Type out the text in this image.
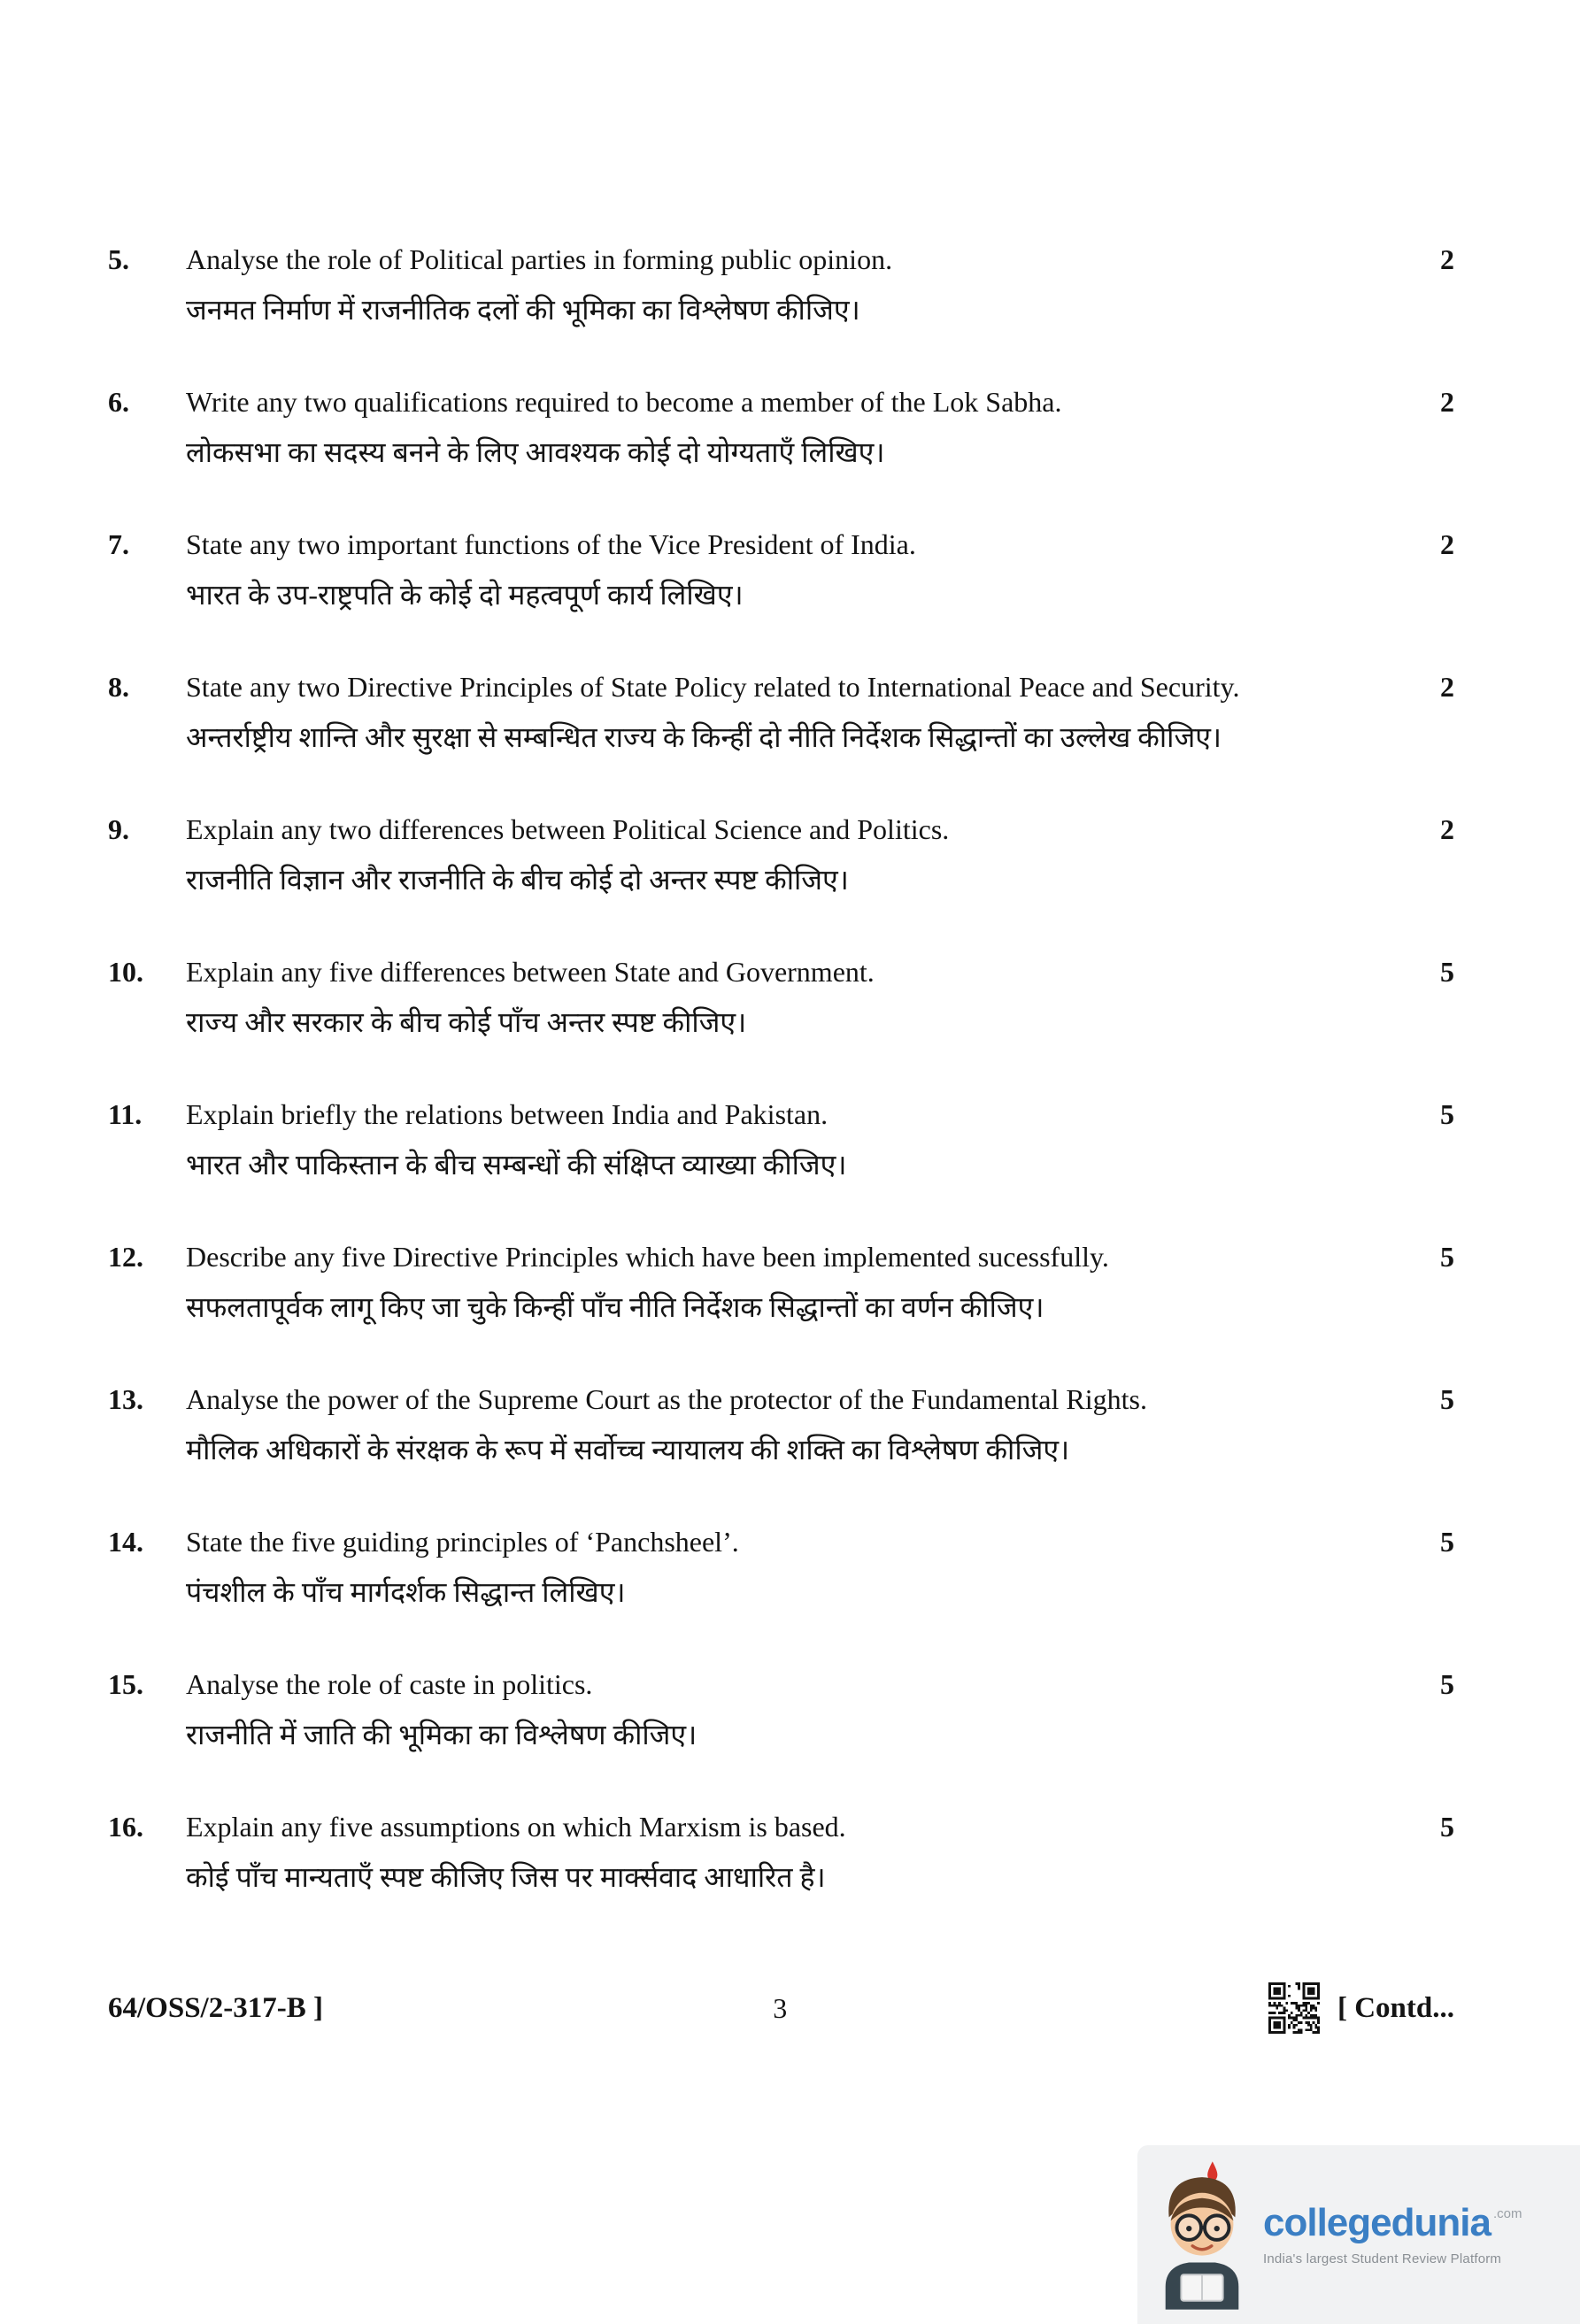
5.	Analyse the role of Political parties in forming public opinion.
जनमत निर्माण में राजनीतिक दलों की भूमिका का विश्लेषण कीजिए।
2
6.	Write any two qualifications required to become a member of the Lok Sabha.
लोकसभा का सदस्य बनने के लिए आवश्यक कोई दो योग्यताएँ लिखिए।
2
7.	State any two important functions of the Vice President of India.
भारत के उप-राष्ट्रपति के कोई दो महत्वपूर्ण कार्य लिखिए।
2
8.	State any two Directive Principles of State Policy related to International Peace and Security.
अन्तर्राष्ट्रीय शान्ति और सुरक्षा से सम्बन्धित राज्य के किन्हीं दो नीति निर्देशक सिद्धान्तों का उल्लेख कीजिए।
2
9.	Explain any two differences between Political Science and Politics.
राजनीति विज्ञान और राजनीति के बीच कोई दो अन्तर स्पष्ट कीजिए।
2
10.	Explain any five differences between State and Government.
राज्य और सरकार के बीच कोई पाँच अन्तर स्पष्ट कीजिए।
5
11.	Explain briefly the relations between India and Pakistan.
भारत और पाकिस्तान के बीच सम्बन्धों की संक्षिप्त व्याख्या कीजिए।
5
12.	Describe any five Directive Principles which have been implemented sucessfully.
सफलतापूर्वक लागू किए जा चुके किन्हीं पाँच नीति निर्देशक सिद्धान्तों का वर्णन कीजिए।
5
13.	Analyse the power of the Supreme Court as the protector of the Fundamental Rights.
मौलिक अधिकारों के संरक्षक के रूप में सर्वोच्च न्यायालय की शक्ति का विश्लेषण कीजिए।
5
14.	State the five guiding principles of ‘Panchsheel’.
पंचशील के पाँच मार्गदर्शक सिद्धान्त लिखिए।
5
15.	Analyse the role of caste in politics.
राजनीति में जाति की भूमिका का विश्लेषण कीजिए।
5
16.	Explain any five assumptions on which Marxism is based.
कोई पाँच मान्यताएँ स्पष्ट कीजिए जिस पर मार्क्सवाद आधारित है।
5
64/OSS/2-317-B ]	3	[ Contd...
collegedunia .com
India's largest Student Review Platform
